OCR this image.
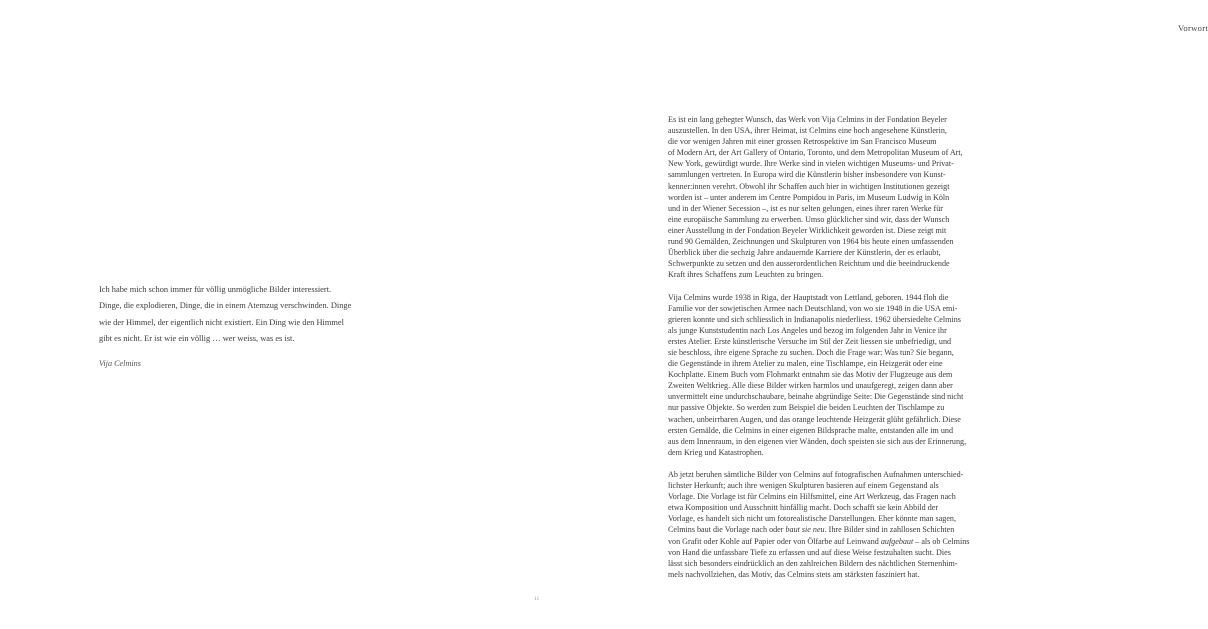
Ich habe mich schon immer für völlig unmögliche Bilder interessiert.
Dinge, die explodieren, Dinge, die in einem Atemzug verschwinden. Dinge
wie der Himmel, der eigentlich nicht existiert. Ein Ding wie den Himmel
gibt es nicht. Er ist wie ein völlig … wer weiss, was es ist.
Vija Celmins
11
Vorwort
Es ist ein lang gehegter Wunsch, das Werk von Vija Celmins in der Fondation Beyeler
auszustellen. In den USA, ihrer Heimat, ist Celmins eine hoch angesehene Künstlerin,
die vor wenigen Jahren mit einer grossen Retrospektive im San Francisco Museum
of Modern Art, der Art Gallery of Ontario, Toronto, und dem Metropolitan Museum of Art,
New York, gewürdigt wurde. Ihre Werke sind in vielen wichtigen Museums- und Privat-
sammlungen vertreten. In Europa wird die Künstlerin bisher insbesondere von Kunst-
kenner:innen verehrt. Obwohl ihr Schaffen auch hier in wichtigen Institutionen gezeigt
worden ist – unter anderem im Centre Pompidou in Paris, im Museum Ludwig in Köln
und in der Wiener Secession –, ist es nur selten gelungen, eines ihrer raren Werke für
eine europäische Sammlung zu erwerben. Umso glücklicher sind wir, dass der Wunsch
einer Ausstellung in der Fondation Beyeler Wirklichkeit geworden ist. Diese zeigt mit
rund 90 Gemälden, Zeichnungen und Skulpturen von 1964 bis heute einen umfassenden
Überblick über die sechzig Jahre andauernde Karriere der Künstlerin, der es erlaubt,
Schwerpunkte zu setzen und den ausserordentlichen Reichtum und die beeindruckende
Kraft ihres Schaffens zum Leuchten zu bringen.
Vija Celmins wurde 1938 in Riga, der Hauptstadt von Lettland, geboren. 1944 floh die
Familie vor der sowjetischen Armee nach Deutschland, von wo sie 1948 in die USA emi-
grieren konnte und sich schliesslich in Indianapolis niederliess. 1962 übersiedelte Celmins
als junge Kunststudentin nach Los Angeles und bezog im folgenden Jahr in Venice ihr
erstes Atelier. Erste künstlerische Versuche im Stil der Zeit liessen sie unbefriedigt, und
sie beschloss, ihre eigene Sprache zu suchen. Doch die Frage war: Was tun? Sie begann,
die Gegenstände in ihrem Atelier zu malen, eine Tischlampe, ein Heizgerät oder eine
Kochplatte. Einem Buch vom Flohmarkt entnahm sie das Motiv der Flugzeuge aus dem
Zweiten Weltkrieg. Alle diese Bilder wirken harmlos und unaufgeregt, zeigen dann aber
unvermittelt eine undurchschaubare, beinahe abgründige Seite: Die Gegenstände sind nicht
nur passive Objekte. So werden zum Beispiel die beiden Leuchten der Tischlampe zu
wachen, unbeirrbaren Augen, und das orange leuchtende Heizgerät glüht gefährlich. Diese
ersten Gemälde, die Celmins in einer eigenen Bildsprache malte, entstanden alle im und
aus dem Innenraum, in den eigenen vier Wänden, doch speisten sie sich aus der Erinnerung,
dem Krieg und Katastrophen.
Ab jetzt beruhen sämtliche Bilder von Celmins auf fotografischen Aufnahmen unterschied-
lichster Herkunft; auch ihre wenigen Skulpturen basieren auf einem Gegenstand als
Vorlage. Die Vorlage ist für Celmins ein Hilfsmittel, eine Art Werkzeug, das Fragen nach
etwa Komposition und Ausschnitt hinfällig macht. Doch schafft sie kein Abbild der
Vorlage, es handelt sich nicht um fotorealistische Darstellungen. Eher könnte man sagen,
Celmins baut die Vorlage nach oder baut sie neu. Ihre Bilder sind in zahllosen Schichten
von Grafit oder Kohle auf Papier oder von Ölfarbe auf Leinwand aufgebaut – als ob Celmins
von Hand die unfassbare Tiefe zu erfassen und auf diese Weise festzuhalten sucht. Dies
lässt sich besonders eindrücklich an den zahlreichen Bildern des nächtlichen Sternenhim-
mels nachvollziehen, das Motiv, das Celmins stets am stärksten fasziniert hat.
